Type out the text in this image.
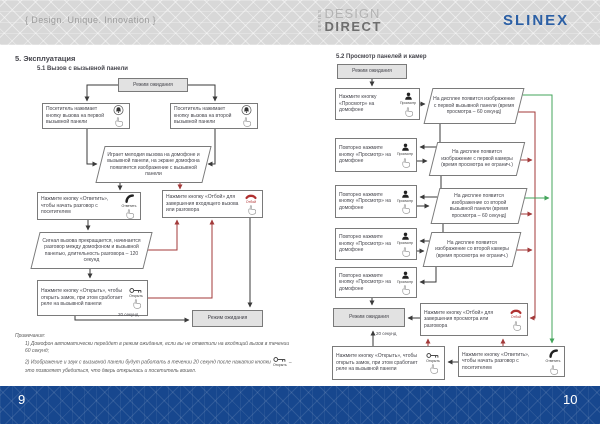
{ Design. Unique. Innovation }	SERIES DESIGN
DIRECT	SLINEX
5. Эксплуатация
5.1 Вызов с вызывной панели
Режим ожидания
Посетитель нажимает кнопку вызова на первой вызывной панели
Посетитель нажимает кнопку вызова на второй вызывной панели
Играет мелодия вызова на домофоне и вызывной панели, на экране домофона появляется изображение с вызывной панели
Нажмите кнопку «Ответить», чтобы начать разговор с посетителем
Ответить
Нажмите кнопку «Отбой» для завершения входящего вызова или разговора
Отбой
Сигнал вызова прекращается, начинается разговор между домофоном и вызывной панелью, длительность разговора – 120 секунд
Нажмите кнопку «Открыть», чтобы открыть замок, при этом сработает реле на вызывной панели
Открыть
20 секунд
Режим ожидания

Примечания:

1) Домофон автоматически перейдет в режим ожидания, если вы не ответили на входящий вызов в течении 60 секунд;

2) Изображение и звук с вызывной панели будут работать в течении 20 секунд после нажатия кнопки Открыть – это позволяет убедиться, что дверь открылась и посетитель вошел.

5.2 Просмотр панелей и камер
Режим ожидания
Нажмите кнопку «Просмотр» на домофоне
Просмотр
На дисплее появится изображение с первой вызывной панели (время просмотра – 60 секунд)
Повторно нажмите кнопку «Просмотр» на домофоне
Просмотр	На дисплее появится изображение с первой камеры (время просмотра не огранич.)
Повторно нажмите кнопку «Просмотр» на домофоне
Просмотр
На дисплее появится изображение со второй вызывной панели (время просмотра – 60 секунд)
Повторно нажмите кнопку «Просмотр» на домофоне
Просмотр	На дисплее появится изображение со второй камеры (время просмотра не огранич.)
Повторно нажмите кнопку «Просмотр» на домофоне
Просмотр
Режим ожидания
Нажмите кнопку «Отбой» для завершения просмотра или разговора
Отбой
20 секунд
Нажмите кнопку «Открыть», чтобы открыть замок, при этом сработает реле на вызывной панели
Открыть
Нажмите кнопку «Ответить», чтобы начать разговор с посетителем
Ответить
9	10
